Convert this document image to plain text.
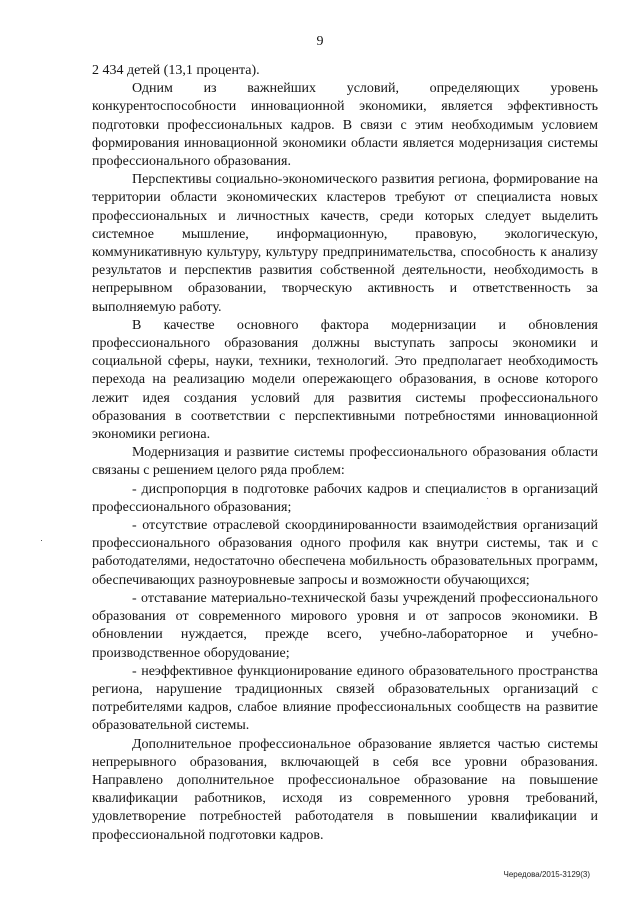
9

2 434 детей (13,1 процента).

Одним из важнейших условий, определяющих уровень конкурентоспособности инновационной экономики, является эффективность подготовки профессиональных кадров. В связи с этим необходимым условием формирования инновационной экономики области является модернизация системы профессионального образования.

Перспективы социально-экономического развития региона, формирование на территории области экономических кластеров требуют от специалиста новых профессиональных и личностных качеств, среди которых следует выделить системное мышление, информационную, правовую, экологическую, коммуникативную культуру, культуру предпринимательства, способность к анализу результатов и перспектив развития собственной деятельности, необходимость в непрерывном образовании, творческую активность и ответственность за выполняемую работу.

В качестве основного фактора модернизации и обновления профессионального образования должны выступать запросы экономики и социальной сферы, науки, техники, технологий. Это предполагает необходимость перехода на реализацию модели опережающего образования, в основе которого лежит идея создания условий для развития системы профессионального образования в соответствии с перспективными потребностями инновационной экономики региона.

Модернизация и развитие системы профессионального образования области связаны с решением целого ряда проблем:

- диспропорция в подготовке рабочих кадров и специалистов в организаций профессионального образования;

- отсутствие отраслевой скоординированности взаимодействия организаций профессионального образования одного профиля как внутри системы, так и с работодателями, недостаточно обеспечена мобильность образовательных программ, обеспечивающих разноуровневые запросы и возможности обучающихся;

- отставание материально-технической базы учреждений профессионального образования от современного мирового уровня и от запросов экономики. В обновлении нуждается, прежде всего, учебно-лабораторное и учебно-производственное оборудование;

- неэффективное функционирование единого образовательного пространства региона, нарушение традиционных связей образовательных организаций с потребителями кадров, слабое влияние профессиональных сообществ на развитие образовательной системы.

Дополнительное профессиональное образование является частью системы непрерывного образования, включающей в себя все уровни образования. Направлено дополнительное профессиональное образование на повышение квалификации работников, исходя из современного уровня требований, удовлетворение потребностей работодателя в повышении квалификации и профессиональной подготовки кадров.

Чередова/2015-3129(3)
